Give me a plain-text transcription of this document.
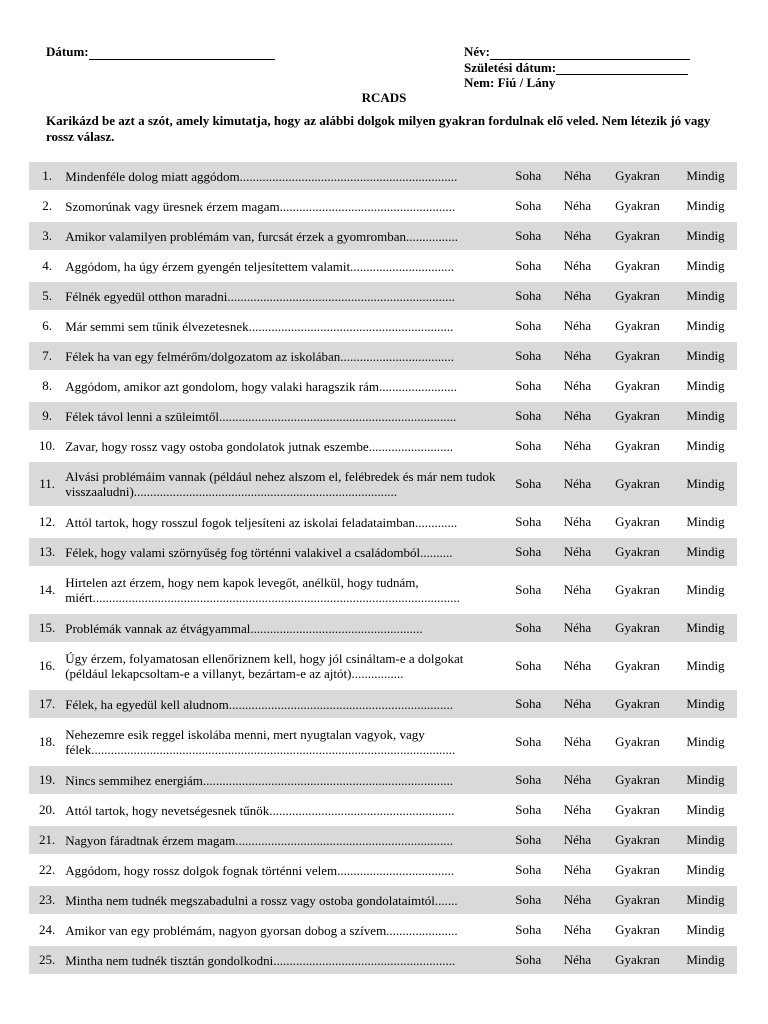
Dátum:	Név:
Születési dátum:
Nem: Fiú / Lány
RCADS
Karikázd be azt a szót, amely kimutatja, hogy az alábbi dolgok milyen gyakran fordulnak elő veled. Nem létezik jó vagy rossz válasz.
1.	Mindenféle dolog miatt aggódom...................................................................	Soha	Néha	Gyakran	Mindig
2.	Szomorúnak vagy üresnek érzem magam......................................................	Soha	Néha	Gyakran	Mindig
3.	Amikor valamilyen problémám van, furcsát érzek a gyomromban................	Soha	Néha	Gyakran	Mindig
4.	Aggódom, ha úgy érzem gyengén teljesítettem valamit................................	Soha	Néha	Gyakran	Mindig
5.	Félnék egyedül otthon maradni......................................................................	Soha	Néha	Gyakran	Mindig
6.	Már semmi sem tűnik élvezetesnek...............................................................	Soha	Néha	Gyakran	Mindig
7.	Félek ha van egy felmérőm/dolgozatom az iskolában...................................	Soha	Néha	Gyakran	Mindig
8.	Aggódom, amikor azt gondolom, hogy valaki haragszik rám........................	Soha	Néha	Gyakran	Mindig
9.	Félek távol lenni a szüleimtől.........................................................................	Soha	Néha	Gyakran	Mindig
10.	Zavar, hogy rossz vagy ostoba gondolatok jutnak eszembe..........................	Soha	Néha	Gyakran	Mindig
11.	Alvási problémáim vannak (például nehez alszom el, felébredek és már nem tudok visszaaludni).................................................................................	Soha	Néha	Gyakran	Mindig
12.	Attól tartok, hogy rosszul fogok teljesíteni az iskolai feladataimban.............	Soha	Néha	Gyakran	Mindig
13.	Félek, hogy valami szörnyűség fog történni valakivel a családomból..........	Soha	Néha	Gyakran	Mindig
14.	Hirtelen azt érzem, hogy nem kapok levegőt, anélkül, hogy tudnám, miért.................................................................................................................	Soha	Néha	Gyakran	Mindig
15.	Problémák vannak az étvágyammal.....................................................	Soha	Néha	Gyakran	Mindig
16.	Úgy érzem, folyamatosan ellenőriznem kell, hogy jól csináltam-e a dolgokat (például lekapcsoltam-e a villanyt, bezártam-e az ajtót)................	Soha	Néha	Gyakran	Mindig
17.	Félek, ha egyedül kell aludnom.....................................................................	Soha	Néha	Gyakran	Mindig
18.	Nehezemre esik reggel iskolába menni, mert nyugtalan vagyok, vagy félek................................................................................................................	Soha	Néha	Gyakran	Mindig
19.	Nincs semmihez energiám.............................................................................	Soha	Néha	Gyakran	Mindig
20.	Attól tartok, hogy nevetségesnek tűnök.........................................................	Soha	Néha	Gyakran	Mindig
21.	Nagyon fáradtnak érzem magam...................................................................	Soha	Néha	Gyakran	Mindig
22.	Aggódom, hogy rossz dolgok fognak történni velem....................................	Soha	Néha	Gyakran	Mindig
23.	Mintha nem tudnék megszabadulni a rossz vagy ostoba gondolataimtól.......	Soha	Néha	Gyakran	Mindig
24.	Amikor van egy problémám, nagyon gyorsan dobog a szívem......................	Soha	Néha	Gyakran	Mindig
25.	Mintha nem tudnék tisztán gondolkodni........................................................	Soha	Néha	Gyakran	Mindig
